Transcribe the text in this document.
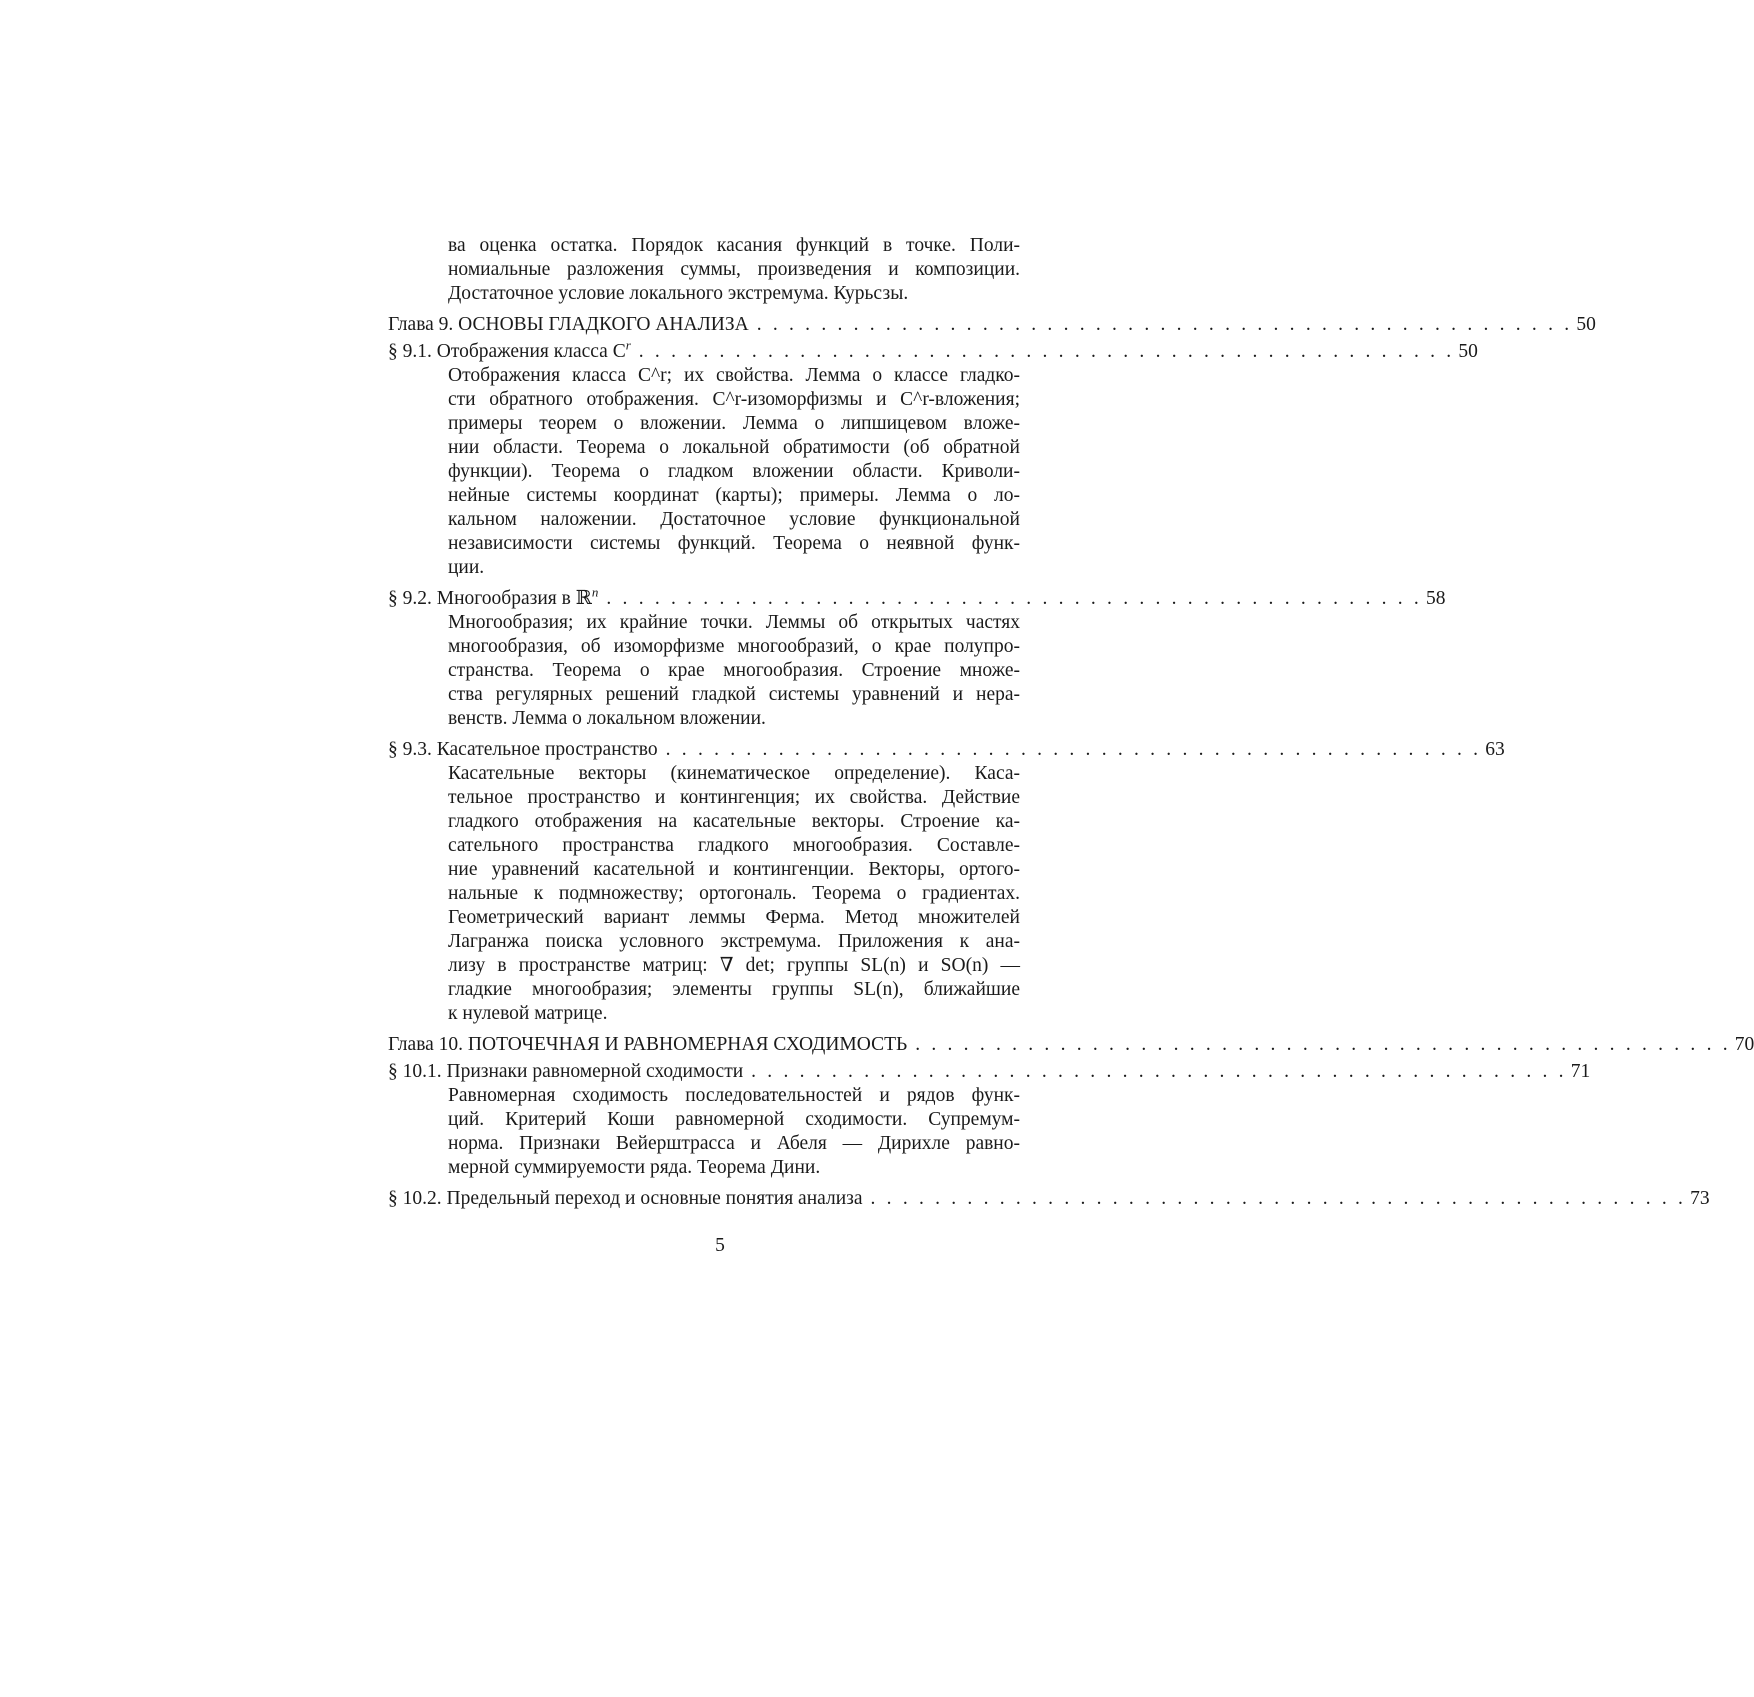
ва оценка остатка. Порядок касания функций в точке. Поли-
номиальные разложения суммы, произведения и композиции.
Достаточное условие локального экстремума. Курьсзы.
Глава 9. ОСНОВЫ ГЛАДКОГО АНАЛИЗА . . . . . . . . . . . . . . . . . . . . . . . . . . . . . . . . . . . . . . . . . . . . . . . . . . . 50
§ 9.1. Отображения класса $C^r$ . . . . . . . . . . . . . . . . . . . . . . . . . . . . . . . . . . . . . . . . . . . . . . . . . . . 50
Отображения класса C^r; их свойства. Лемма о классе гладко-
сти обратного отображения. C^r-изоморфизмы и C^r-вложения;
примеры теорем о вложении. Лемма о липшицевом вложе-
нии области. Теорема о локальной обратимости (об обратной
функции). Теорема о гладком вложении области. Криволи-
нейные системы координат (карты); примеры. Лемма о ло-
кальном наложении. Достаточное условие функциональной
независимости системы функций. Теорема о неявной функ-
ции.
§ 9.2. Многообразия в ℝ$^n$ . . . . . . . . . . . . . . . . . . . . . . . . . . . . . . . . . . . . . . . . . . . . . . . . . . . 58
Многообразия; их крайние точки. Леммы об открытых частях
многообразия, об изоморфизме многообразий, о крае полупро-
странства. Теорема о крае многообразия. Строение множе-
ства регулярных решений гладкой системы уравнений и нера-
венств. Лемма о локальном вложении.
§ 9.3. Касательное пространство . . . . . . . . . . . . . . . . . . . . . . . . . . . . . . . . . . . . . . . . . . . . . . . . . . . 63
Касательные векторы (кинематическое определение). Каса-
тельное пространство и контингенция; их свойства. Действие
гладкого отображения на касательные векторы. Строение ка-
сательного пространства гладкого многообразия. Составле-
ние уравнений касательной и контингенции. Векторы, ортого-
нальные к подмножеству; ортогональ. Теорема о градиентах.
Геометрический вариант леммы Ферма. Метод множителей
Лагранжа поиска условного экстремума. Приложения к ана-
лизу в пространстве матриц: ∇ det; группы SL(n) и SO(n) —
гладкие многообразия; элементы группы SL(n), ближайшие
к нулевой матрице.
Глава 10. ПОТОЧЕЧНАЯ И РАВНОМЕРНАЯ СХОДИМОСТЬ . . . . . . . . . . . . . . . . . . . . . . . . . . . . . . . . . . . . . . . . . . . . . . . . . . . 70
§ 10.1. Признаки равномерной сходимости . . . . . . . . . . . . . . . . . . . . . . . . . . . . . . . . . . . . . . . . . . . . . . . . . . . 71
Равномерная сходимость последовательностей и рядов функ-
ций. Критерий Коши равномерной сходимости. Супремум-
норма. Признаки Вейерштрасса и Абеля — Дирихле равно-
мерной суммируемости ряда. Теорема Дини.
§ 10.2. Предельный переход и основные понятия анализа . . . . . . . . . . . . . . . . . . . . . . . . . . . . . . . . . . . . . . . . . . . . . . . . . . . 73
5
